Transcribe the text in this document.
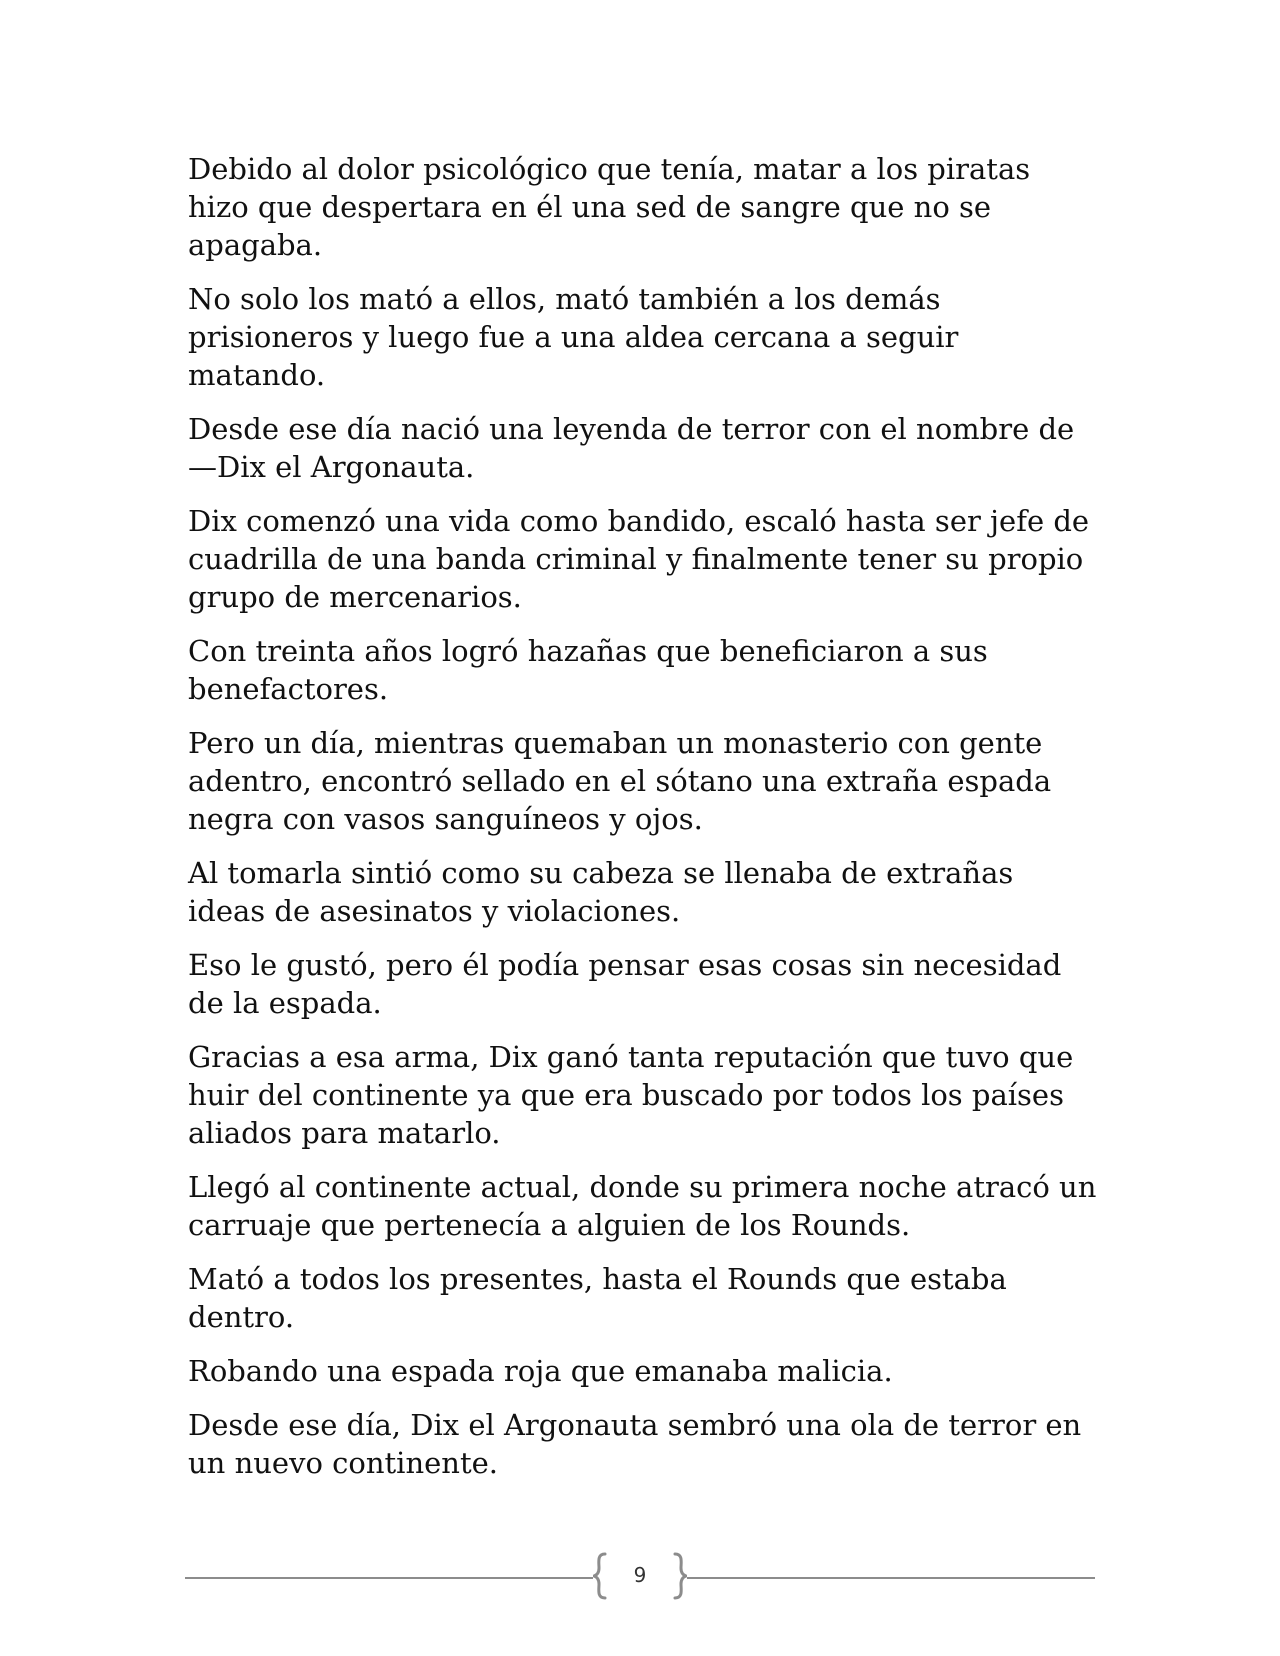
Debido al dolor psicológico que tenía, matar a los piratas hizo que despertara en él una sed de sangre que no se apagaba.

No solo los mató a ellos, mató también a los demás prisioneros y luego fue a una aldea cercana a seguir matando.

Desde ese día nació una leyenda de terror con el nombre de —Dix el Argonauta.

Dix comenzó una vida como bandido, escaló hasta ser jefe de cuadrilla de una banda criminal y finalmente tener su propio grupo de mercenarios.

Con treinta años logró hazañas que beneficiaron a sus benefactores.

Pero un día, mientras quemaban un monasterio con gente adentro, encontró sellado en el sótano una extraña espada negra con vasos sanguíneos y ojos.

Al tomarla sintió como su cabeza se llenaba de extrañas ideas de asesinatos y violaciones.

Eso le gustó, pero él podía pensar esas cosas sin necesidad de la espada.

Gracias a esa arma, Dix ganó tanta reputación que tuvo que huir del continente ya que era buscado por todos los países aliados para matarlo.

Llegó al continente actual, donde su primera noche atracó un carruaje que pertenecía a alguien de los Rounds.

Mató a todos los presentes, hasta el Rounds que estaba dentro.

Robando una espada roja que emanaba malicia.

Desde ese día, Dix el Argonauta sembró una ola de terror en un nuevo continente.

9
